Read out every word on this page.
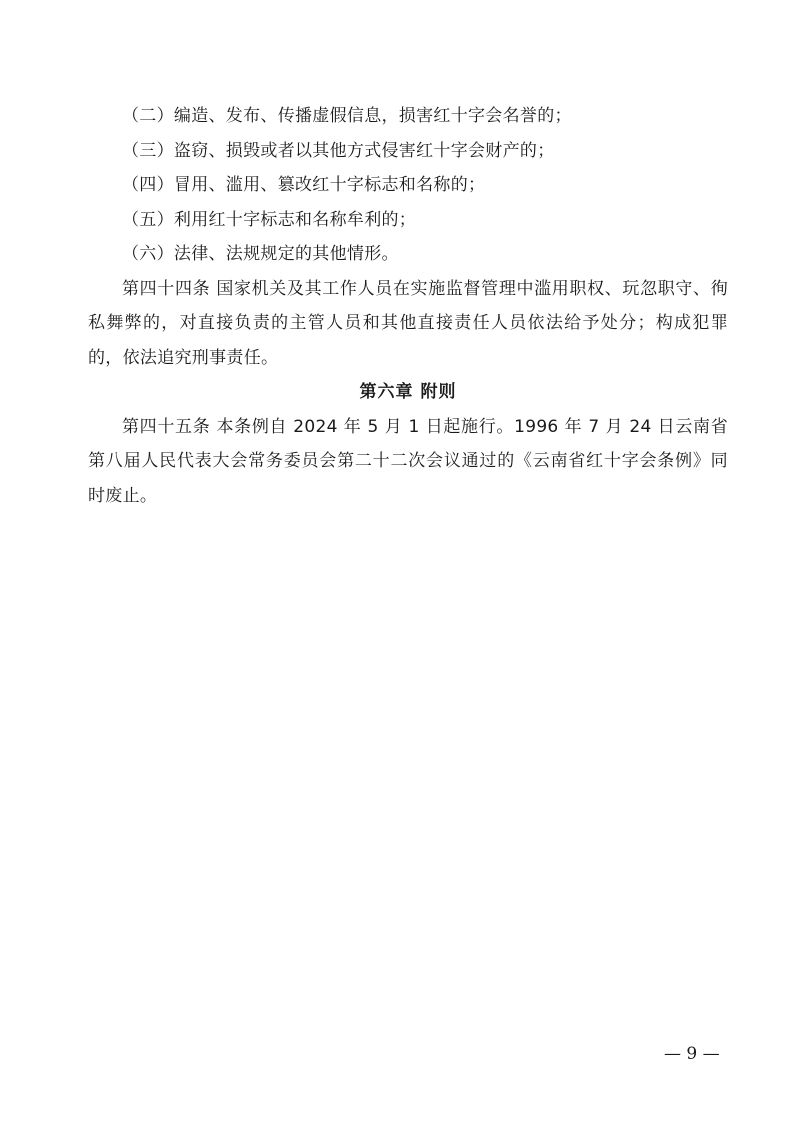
（二）编造、发布、传播虚假信息，损害红十字会名誉的；

（三）盗窃、损毁或者以其他方式侵害红十字会财产的；

（四）冒用、滥用、篡改红十字标志和名称的；

（五）利用红十字标志和名称牟利的；

（六）法律、法规规定的其他情形。

第四十四条 国家机关及其工作人员在实施监督管理中滥用职权、玩忽职守、徇私舞弊的，对直接负责的主管人员和其他直接责任人员依法给予处分；构成犯罪的，依法追究刑事责任。

第六章 附则

第四十五条 本条例自 2024 年 5 月 1 日起施行。1996 年 7 月 24 日云南省第八届人民代表大会常务委员会第二十二次会议通过的《云南省红十字会条例》同时废止。

— 9 —
